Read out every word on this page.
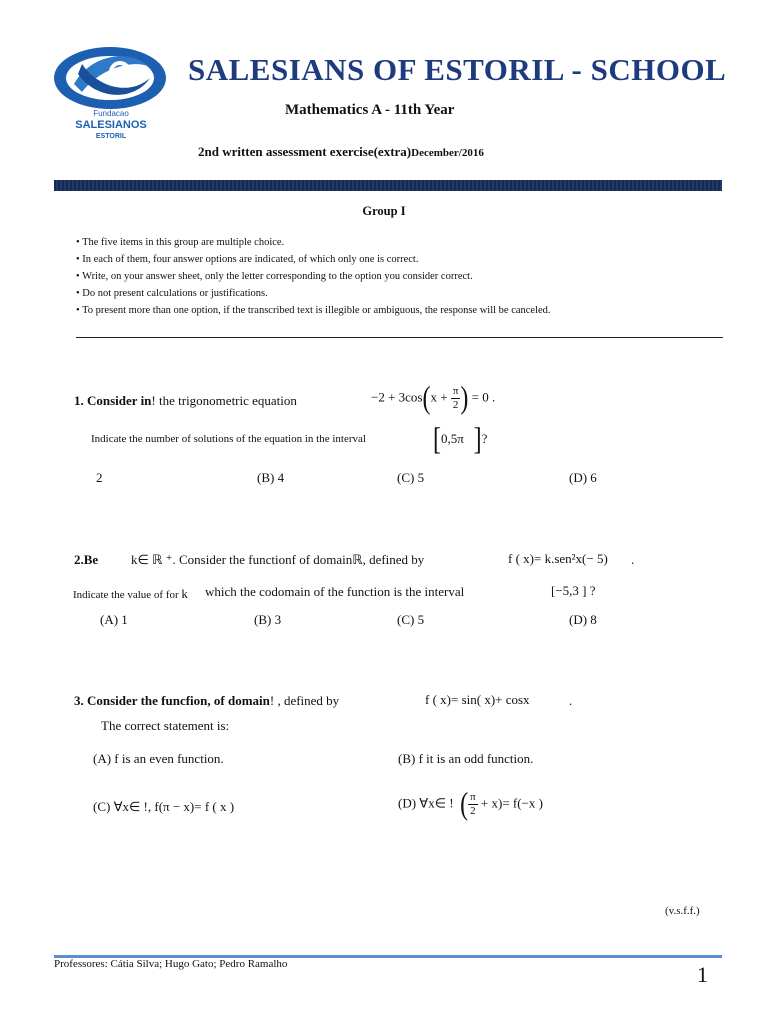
Fundacao
SALESIANOS
ESTORIL
SALESIANS OF ESTORIL - SCHOOL
Mathematics A - 11th Year
2nd written assessment exercise(extra)December/2016
Group I
• The five items in this group are multiple choice.
• In each of them, four answer options are indicated, of which only one is correct.
• Write, on your answer sheet, only the letter corresponding to the option you consider correct.
• Do not present calculations or justifications.
• To present more than one option, if the transcribed text is illegible or ambiguous, the response will be canceled.
1. Consider in! the trigonometric equation	$-2 + 3\cos(x + \frac{\pi}{2}$ ) = 0 .
Indicate the number of solutions of the equation in the interval	[0,5π ]?
2	(B) 4	(C) 5	(D) 6
2.Be	k∈ ℝ ⁺. Consider the functionf of domainℝ, defined by	f ( x)= k.sen²x(− 5) .
Indicate the value of for k which the codomain of the function is the interval	[−5,3 ] ?
(A) 1	(B) 3	(C) 5	(D) 8
3. Consider the funcfion, of domain! , defined by	f ( x)= sin( x)+ cosx	.
The correct statement is:
(A) f is an even function.	(B) f it is an odd function.
(C) ∀x∈ !, f(π − x)= f ( x )	(D) ∀x∈ ! ( $\frac{\pi}{2} + x)= f(-x$ )
(v.s.f.f.)
Professores: Cátia Silva; Hugo Gato; Pedro Ramalho	1
